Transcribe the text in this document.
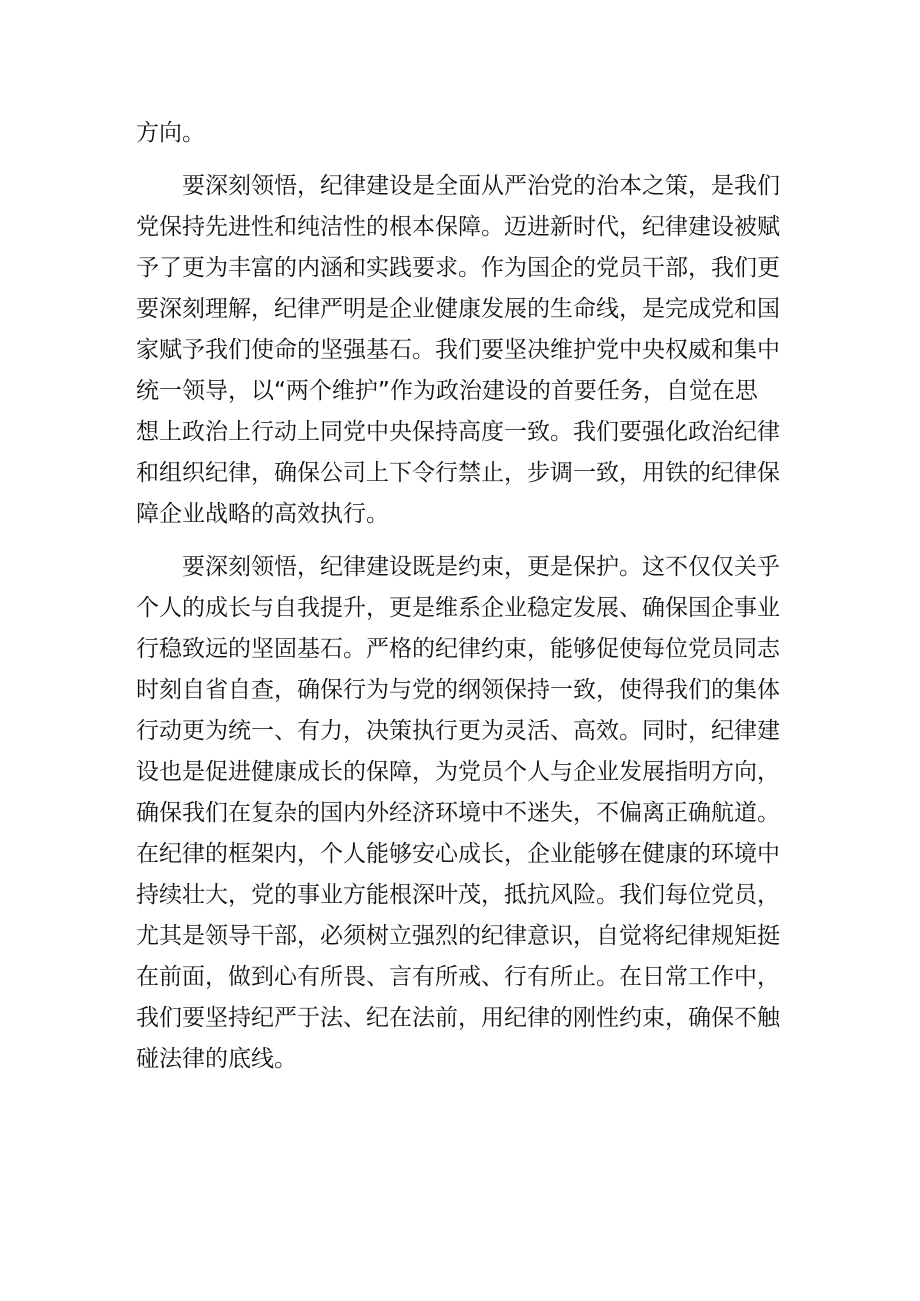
方向。

要深刻领悟，纪律建设是全面从严治党的治本之策，是我们
党保持先进性和纯洁性的根本保障。迈进新时代，纪律建设被赋
予了更为丰富的内涵和实践要求。作为国企的党员干部，我们更
要深刻理解，纪律严明是企业健康发展的生命线，是完成党和国
家赋予我们使命的坚强基石。我们要坚决维护党中央权威和集中
统一领导，以“两个维护”作为政治建设的首要任务，自觉在思
想上政治上行动上同党中央保持高度一致。我们要强化政治纪律
和组织纪律，确保公司上下令行禁止，步调一致，用铁的纪律保
障企业战略的高效执行。

要深刻领悟，纪律建设既是约束，更是保护。这不仅仅关乎
个人的成长与自我提升，更是维系企业稳定发展、确保国企事业
行稳致远的坚固基石。严格的纪律约束，能够促使每位党员同志
时刻自省自查，确保行为与党的纲领保持一致，使得我们的集体
行动更为统一、有力，决策执行更为灵活、高效。同时，纪律建
设也是促进健康成长的保障，为党员个人与企业发展指明方向，
确保我们在复杂的国内外经济环境中不迷失，不偏离正确航道。
在纪律的框架内，个人能够安心成长，企业能够在健康的环境中
持续壮大，党的事业方能根深叶茂，抵抗风险。我们每位党员，
尤其是领导干部，必须树立强烈的纪律意识，自觉将纪律规矩挺
在前面，做到心有所畏、言有所戒、行有所止。在日常工作中，
我们要坚持纪严于法、纪在法前，用纪律的刚性约束，确保不触
碰法律的底线。
